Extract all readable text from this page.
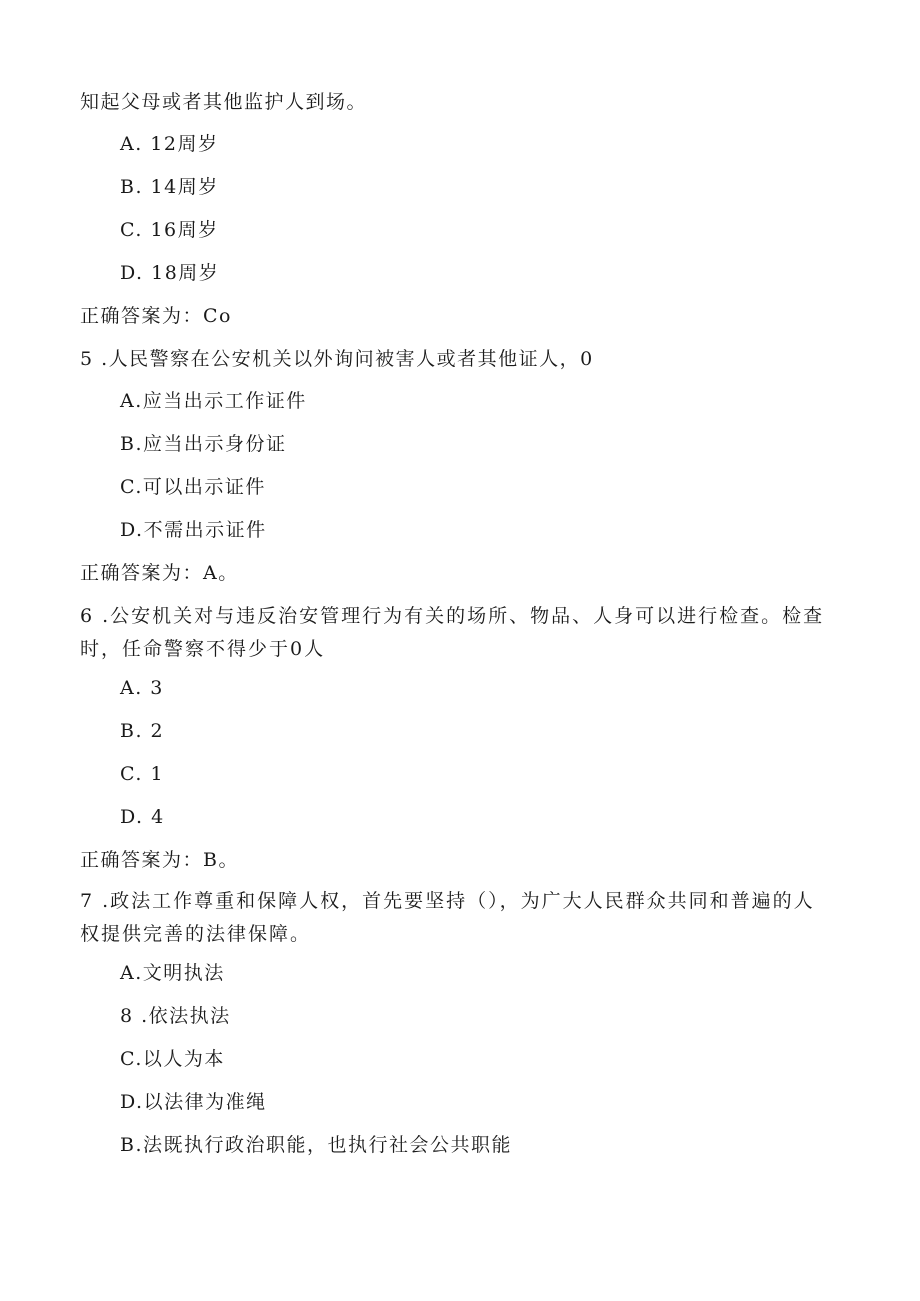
知起父母或者其他监护人到场。
A. 12周岁
B. 14周岁
C. 16周岁
D. 18周岁
正确答案为：Co
5 .人民警察在公安机关以外询问被害人或者其他证人，0
A.应当出示工作证件
B.应当出示身份证
C.可以出示证件
D.不需出示证件
正确答案为：A。
6 .公安机关对与违反治安管理行为有关的场所、物品、人身可以进行检查。检查时，任命警察不得少于0人
A. 3
B. 2
C. 1
D. 4
正确答案为：B。
7 .政法工作尊重和保障人权，首先要坚持（），为广大人民群众共同和普遍的人权提供完善的法律保障。
A.文明执法
8 .依法执法
C.以人为本
D.以法律为准绳
B.法既执行政治职能，也执行社会公共职能
